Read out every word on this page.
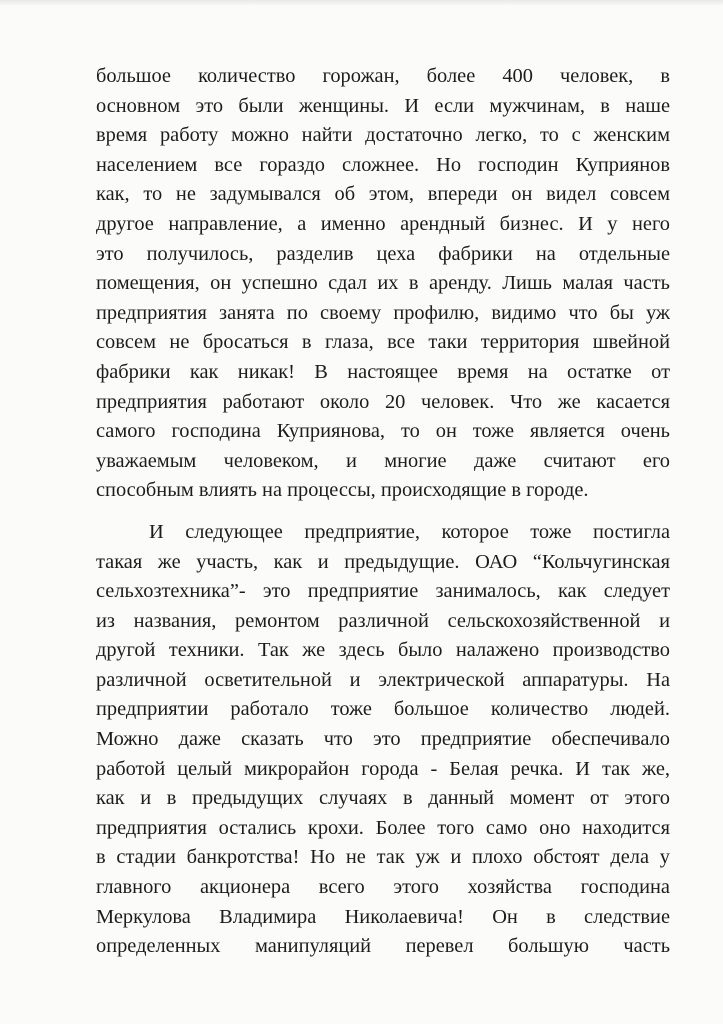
большое количество горожан, более 400 человек, в
основном это были женщины. И если мужчинам, в наше
время работу можно найти достаточно легко, то с женским
населением все гораздо сложнее. Но господин Куприянов
как, то не задумывался об этом, впереди он видел совсем
другое направление, а именно арендный бизнес. И у него
это получилось, разделив цеха фабрики на отдельные
помещения, он успешно сдал их в аренду. Лишь малая часть
предприятия занята по своему профилю, видимо что бы уж
совсем не бросаться в глаза, все таки территория швейной
фабрики как никак! В настоящее время на остатке от
предприятия работают около 20 человек. Что же касается
самого господина Куприянова, то он тоже является очень
уважаемым человеком, и многие даже считают его
способным влиять на процессы, происходящие в городе.
И следующее предприятие, которое тоже постигла
такая же участь, как и предыдущие. ОАО “Кольчугинская
сельхозтехника”- это предприятие занималось, как следует
из названия, ремонтом различной сельскохозяйственной и
другой техники. Так же здесь было налажено производство
различной осветительной и электрической аппаратуры. На
предприятии работало тоже большое количество людей.
Можно даже сказать что это предприятие обеспечивало
работой целый микрорайон города - Белая речка. И так же,
как и в предыдущих случаях в данный момент от этого
предприятия остались крохи. Более того само оно находится
в стадии банкротства! Но не так уж и плохо обстоят дела у
главного акционера всего этого хозяйства господина
Меркулова Владимира Николаевича! Он в следствие
определенных манипуляций перевел большую часть
